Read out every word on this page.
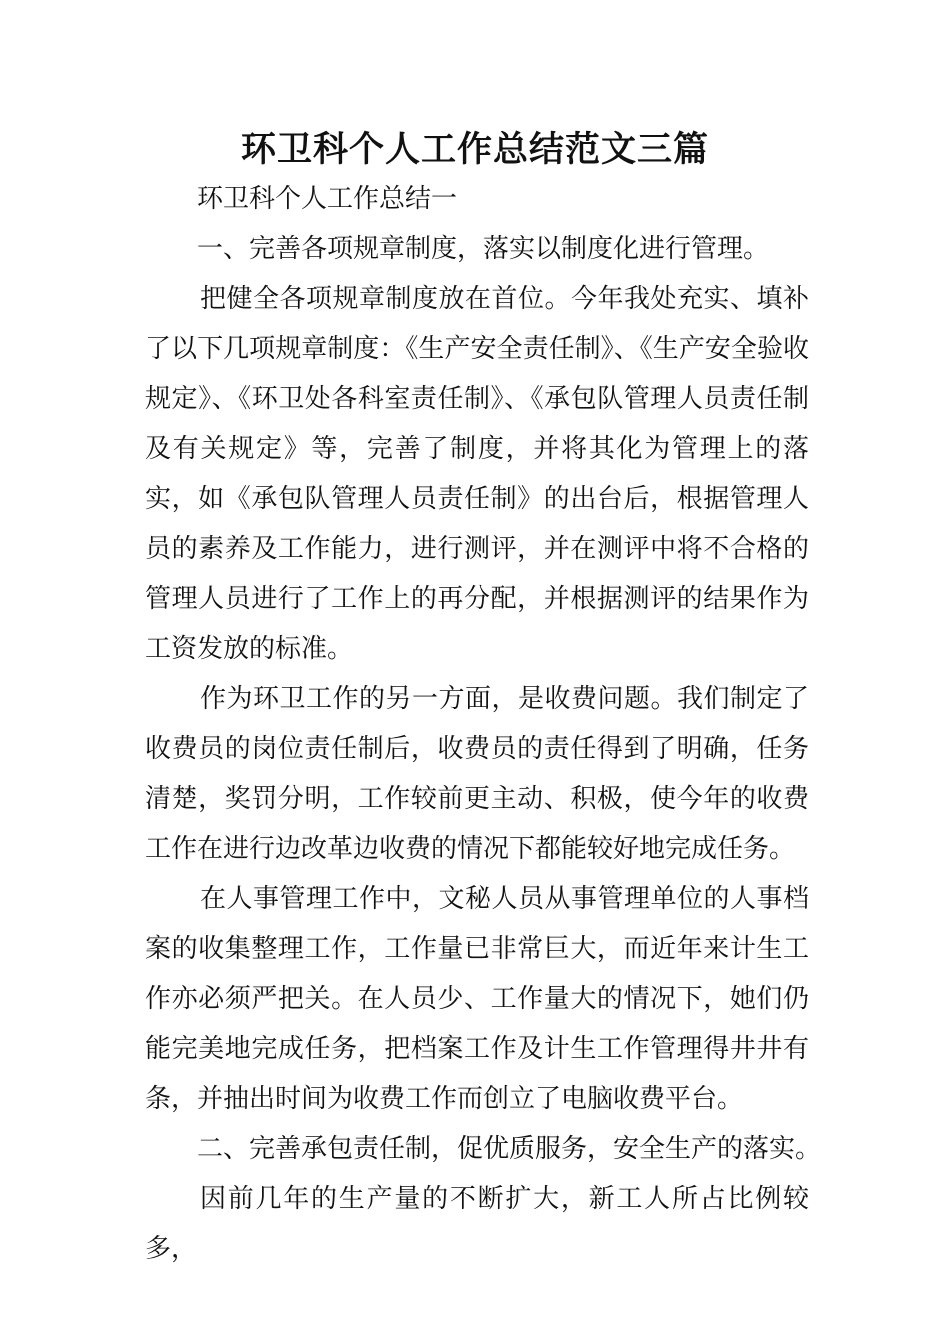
环卫科个人工作总结范文三篇

环卫科个人工作总结一

一、完善各项规章制度，落实以制度化进行管理。

把健全各项规章制度放在首位。今年我处充实、填补了以下几项规章制度：《生产安全责任制》、《生产安全验收规定》、《环卫处各科室责任制》、《承包队管理人员责任制及有关规定》等，完善了制度，并将其化为管理上的落实，如《承包队管理人员责任制》的出台后，根据管理人员的素养及工作能力，进行测评，并在测评中将不合格的管理人员进行了工作上的再分配，并根据测评的结果作为工资发放的标准。

作为环卫工作的另一方面，是收费问题。我们制定了收费员的岗位责任制后，收费员的责任得到了明确，任务清楚，奖罚分明，工作较前更主动、积极，使今年的收费工作在进行边改革边收费的情况下都能较好地完成任务。

在人事管理工作中，文秘人员从事管理单位的人事档案的收集整理工作，工作量已非常巨大，而近年来计生工作亦必须严把关。在人员少、工作量大的情况下，她们仍能完美地完成任务，把档案工作及计生工作管理得井井有条，并抽出时间为收费工作而创立了电脑收费平台。

二、完善承包责任制，促优质服务，安全生产的落实。

因前几年的生产量的不断扩大，新工人所占比例较多，
